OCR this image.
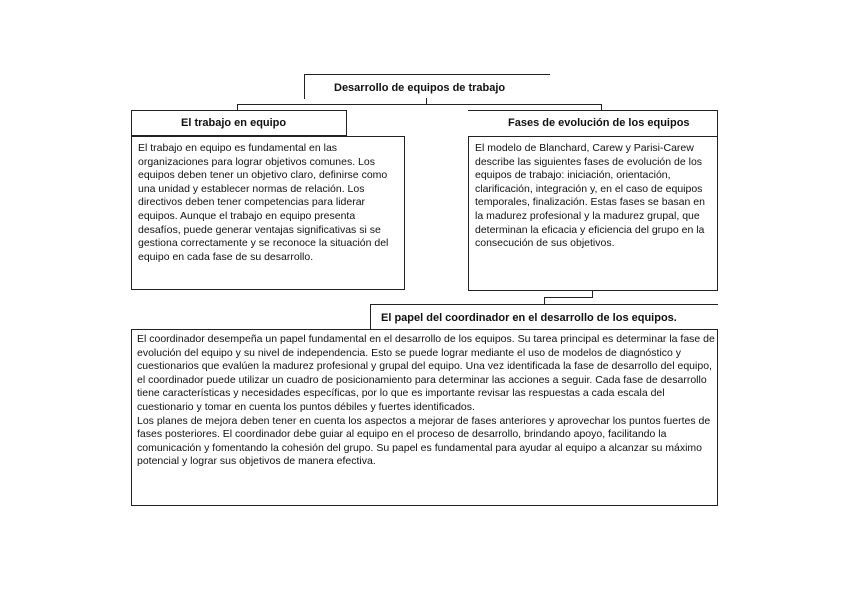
Desarrollo de equipos de trabajo
El trabajo en equipo
El trabajo en equipo es fundamental en las organizaciones para lograr objetivos comunes. Los equipos deben tener un objetivo claro, definirse como una unidad y establecer normas de relación. Los directivos deben tener competencias para liderar equipos. Aunque el trabajo en equipo presenta desafíos, puede generar ventajas significativas si se gestiona correctamente y se reconoce la situación del equipo en cada fase de su desarrollo.
Fases de evolución de los equipos
El modelo de Blanchard, Carew y Parisi-Carew describe las siguientes fases de evolución de los equipos de trabajo: iniciación, orientación, clarificación, integración y, en el caso de equipos temporales, finalización. Estas fases se basan en la madurez profesional y la madurez grupal, que determinan la eficacia y eficiencia del grupo en la consecución de sus objetivos.
El papel del coordinador en el desarrollo de los equipos.
El coordinador desempeña un papel fundamental en el desarrollo de los equipos. Su tarea principal es determinar la fase de evolución del equipo y su nivel de independencia. Esto se puede lograr mediante el uso de modelos de diagnóstico y cuestionarios que evalúen la madurez profesional y grupal del equipo. Una vez identificada la fase de desarrollo del equipo, el coordinador puede utilizar un cuadro de posicionamiento para determinar las acciones a seguir. Cada fase de desarrollo tiene características y necesidades específicas, por lo que es importante revisar las respuestas a cada escala del cuestionario y tomar en cuenta los puntos débiles y fuertes identificados.
Los planes de mejora deben tener en cuenta los aspectos a mejorar de fases anteriores y aprovechar los puntos fuertes de fases posteriores. El coordinador debe guiar al equipo en el proceso de desarrollo, brindando apoyo, facilitando la comunicación y fomentando la cohesión del grupo. Su papel es fundamental para ayudar al equipo a alcanzar su máximo potencial y lograr sus objetivos de manera efectiva.
